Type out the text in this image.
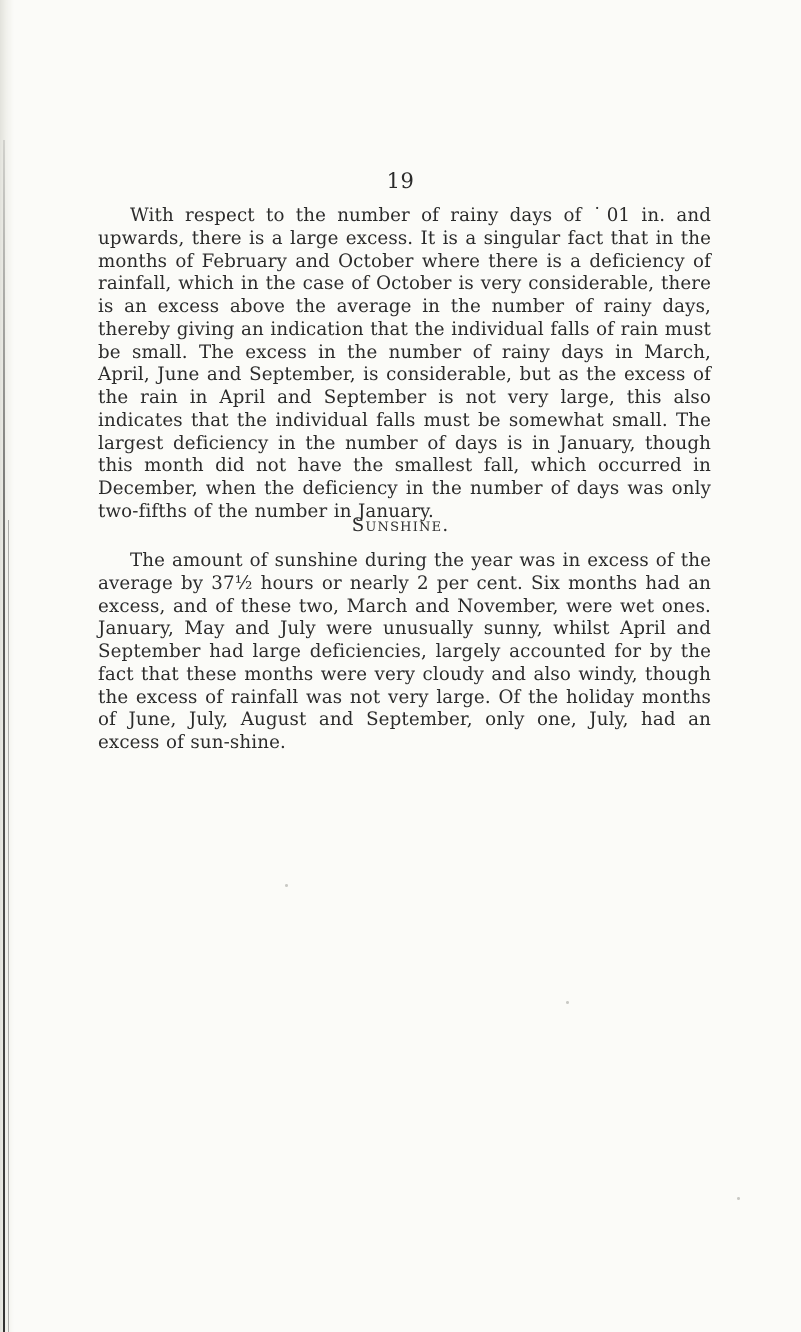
19

With respect to the number of rainy days of ˙01 in. and upwards, there is a large excess. It is a singular fact that in the months of February and October where there is a deficiency of rainfall, which in the case of October is very considerable, there is an excess above the average in the number of rainy days, thereby giving an indication that the individual falls of rain must be small. The excess in the number of rainy days in March, April, June and September, is considerable, but as the excess of the rain in April and September is not very large, this also indicates that the individual falls must be somewhat small. The largest deficiency in the number of days is in January, though this month did not have the smallest fall, which occurred in December, when the deficiency in the number of days was only two-fifths of the number in January.

Sunshine.

The amount of sunshine during the year was in excess of the average by 37½ hours or nearly 2 per cent. Six months had an excess, and of these two, March and November, were wet ones. January, May and July were unusually sunny, whilst April and September had large deficiencies, largely accounted for by the fact that these months were very cloudy and also windy, though the excess of rainfall was not very large. Of the holiday months of June, July, August and September, only one, July, had an excess of sun-shine.
